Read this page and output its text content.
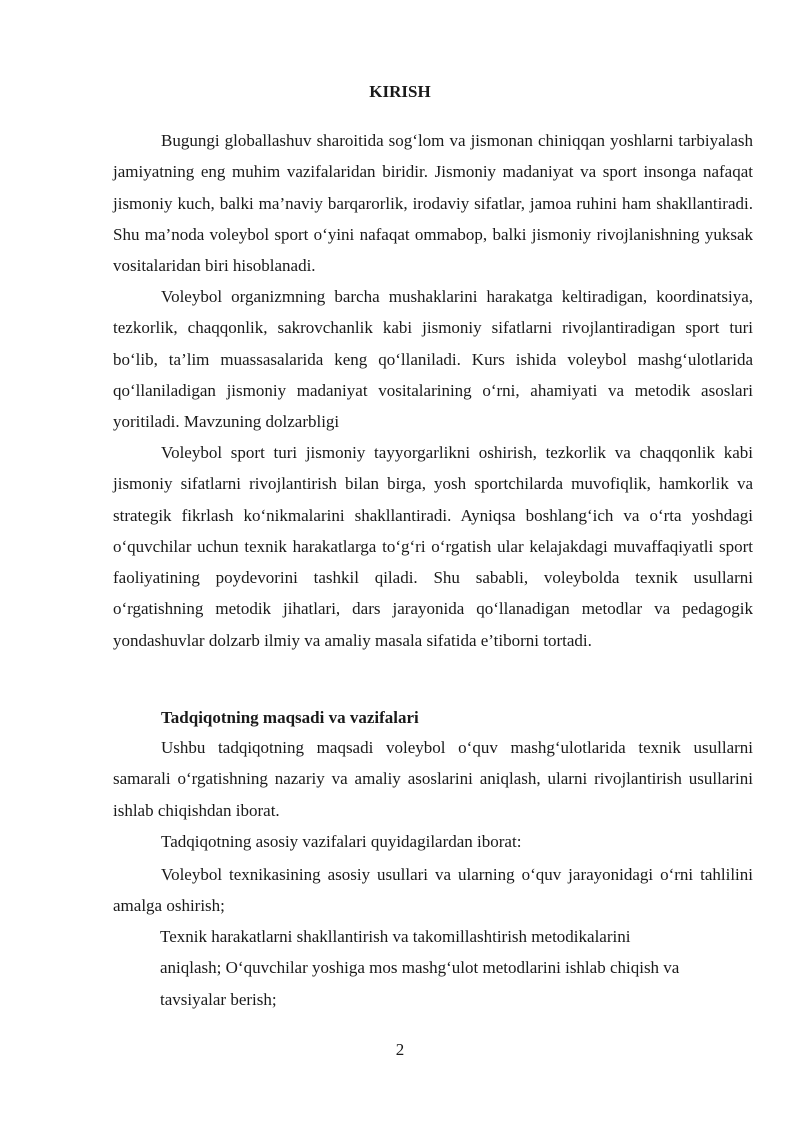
KIRISH

Bugungi globallashuv sharoitida sog‘lom va jismonan chiniqqan yoshlarni tarbiyalash jamiyatning eng muhim vazifalaridan biridir. Jismoniy madaniyat va sport insonga nafaqat jismoniy kuch, balki ma’naviy barqarorlik, irodaviy sifatlar, jamoa ruhini ham shakllantiradi. Shu ma’noda voleybol sport o‘yini nafaqat ommabop, balki jismoniy rivojlanishning yuksak vositalaridan biri hisoblanadi.

Voleybol organizmning barcha mushaklarini harakatga keltiradigan, koordinatsiya, tezkorlik, chaqqonlik, sakrovchanlik kabi jismoniy sifatlarni rivojlantiradigan sport turi bo‘lib, ta’lim muassasalarida keng qo‘llaniladi. Kurs ishida voleybol mashg‘ulotlarida qo‘llaniladigan jismoniy madaniyat vositalarining o‘rni, ahamiyati va metodik asoslari yoritiladi. Mavzuning dolzarbligi

Voleybol sport turi jismoniy tayyorgarlikni oshirish, tezkorlik va chaqqonlik kabi jismoniy sifatlarni rivojlantirish bilan birga, yosh sportchilarda muvofiqlik, hamkorlik va strategik fikrlash ko‘nikmalarini shakllantiradi. Ayniqsa boshlang‘ich va o‘rta yoshdagi o‘quvchilar uchun texnik harakatlarga to‘g‘ri o‘rgatish ular kelajakdagi muvaffaqiyatli sport faoliyatining poydevorini tashkil qiladi. Shu sababli, voleybolda texnik usullarni o‘rgatishning metodik jihatlari, dars jarayonida qo‘llanadigan metodlar va pedagogik yondashuvlar dolzarb ilmiy va amaliy masala sifatida e’tiborni tortadi.

Tadqiqotning maqsadi va vazifalari

Ushbu tadqiqotning maqsadi voleybol o‘quv mashg‘ulotlarida texnik usullarni samarali o‘rgatishning nazariy va amaliy asoslarini aniqlash, ularni rivojlantirish usullarini ishlab chiqishdan iborat.

Tadqiqotning asosiy vazifalari quyidagilardan iborat:

Voleybol texnikasining asosiy usullari va ularning o‘quv jarayonidagi o‘rni tahlilini amalga oshirish;

Texnik harakatlarni shakllantirish va takomillashtirish metodikalarini aniqlash; O‘quvchilar yoshiga mos mashg‘ulot metodlarini ishlab chiqish va tavsiyalar berish;

2
